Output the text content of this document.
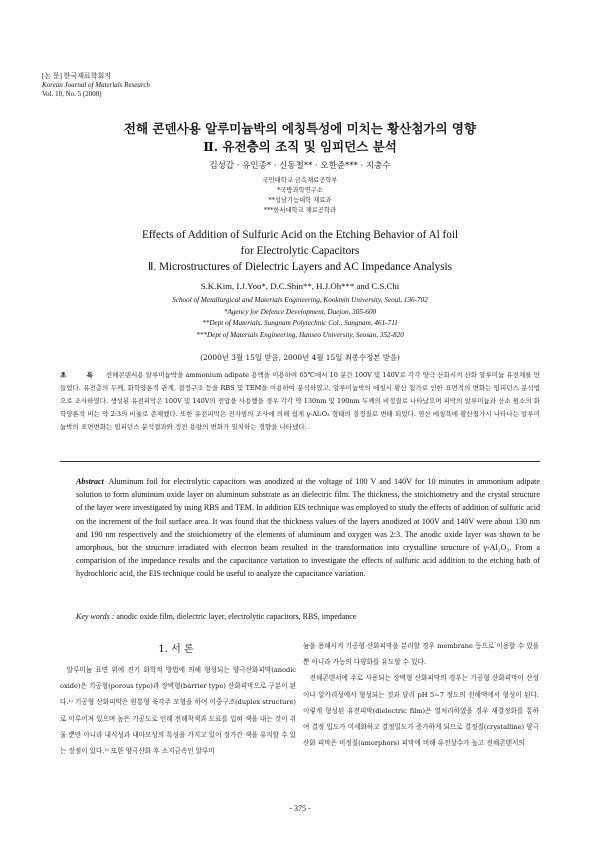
[논 문] 한국재료학회지
Korean Journal of Materials Research
Vol. 10, No. 5 (2000)
전해 콘덴사용 알루미늄박의 에칭특성에 미치는 황산첨가의 영향
Ⅱ. 유전층의 조직 및 임피던스 분석
김성갑 · 유인종* · 신동철** · 오한준*** · 지충수
국민대학교 금속재료공학부
*국방과학연구소
**성남기능대학 재료과
***한서대학교 재료공학과
Effects of Addition of Sulfuric Acid on the Etching Behavior of Al foil
for Electrolytic Capacitors
Ⅱ. Microstructures of Dielectric Layers and AC Impedance Analysis
S.K.Kim, I.J.Yoo*, D.C.Shin**, H.J.Oh*** and C.S.Chi
School of Metallurgical and Materials Engineering, Kookmin University, Seoul, 136-702
*Agency for Defence Development, Daejon, 305-600
**Dept of Materials, Sungnam Polytechnic Col., Sungnam, 461-711
***Dept of Materials Engineering, Hanseo University, Seosan, 352-820
(2000년 3월 15일 받음, 2000년 4월 15일 최종수정본 받음)
초 록 전해콘덴서용 알루미늄박을 ammonium adipate 용액을 이용하여 65℃에서 10 분간 100V 및 140V로 각각 양극 산화시켜 산화 알루미늄 유전체를 만들었다. 유전층의 두께, 화학양론적 관계, 결정구조 등을 RBS 및 TEM을 이용하여 분석하였고, 알루미늄박의 에칭시 황산 첨가로 인한 표면적의 변화는 임피던스 분석법으로 조사하였다. 생성된 유전피막은 100V 및 140V의 전압을 사용했을 경우 각각 약 130nm 및 190nm 두께의 비정질로 나타났으며 피막의 알루미늄과 산소 원소의 화학양론적 비는 약 2:3의 비율로 존재했다. 또한 유전피막은 전자빔의 조사에 의해 쉽게 γ-Al₂O₃ 형태의 결정질로 변태 되었다. 염산 에칭욕에 황산첨가시 나타나는 알루미늄박의 표면변화는 임피던스 분석결과와 정전 용량의 변화가 일치하는 경향을 나타냈다.
Abstract Aluminum foil for electrolytic capacitors was anodized at the voltage of 100 V and 140V for 10 minutes in ammonium adipate solution to form aluminum oxide layer on aluminum substrate as an dielectric film. The thickness, the stoichiometry and the crystal structure of the layer were investigated by using RBS and TEM. In addition EIS technique was employed to study the effects of addition of sulfuric acid on the increment of the foil surface area. It was found that the thickness values of the layers anodized at 100V and 140V were about 130 nm and 190 nm respectively and the stoichiometry of the elements of aluminum and oxygen was 2:3. The anodic oxide layer was shown to be amorphous, but the structure irradiated with electron beam resulted in the transformation into crystalline structure of γ-Al₂O₃. From a comparision of the impedance results and the capacitance variation to investigate the effects of sulfuric acid addition to the etching bath of hydrochloric acid, the EIS technique could be useful to analyze the capacitance variation.
Key words : anodic oxide film, dielectric layer, electrolytic capacitors, RBS, impedance
1. 서 론

알루미늄 표면 위에 전기 화학적 방법에 의해 형성되는 양극산화피막(anodic oxide)은 기공형(porous type)과 장벽형(barrier type) 산화피막으로 구분이 된다.¹⁾ 기공형 산화피막은 원통형 육각주 모형을 하여 이중구조(duplex structure)로 이루어져 있으며 높은 기공도로 인해 전해착색과 도료를 입혀 색을 내는 것이 쉬울 뿐만 아니라 내식성과 내마모성의 특성을 가지고 있어 장가간 색을 유지할 수 있는 장점이 있다.²⁾ 또한 양극산화 후 소지금속인 알루미

늄을 용해시켜 기공형 산화피막을 분리할 경우 membrane 등으로 이용할 수 있을 뿐 아니라 가능의 다양화를 유도할 수 있다.

전해콘덴서에 주로 사용되는 장벽형 산화피막의 경우는 기공형 산화피막이 산성이나 알카리성에서 형성되는 것과 달리 pH 5~7 정도의 전해액에서 형성이 된다. 이렇게 형성된 유전피막(dielectric film)은 열처리하였을 경우 재결정화를 통하여 결정 입도가 미세화하고 결정밀도가 증가하게 되므로 결정질(crystalline) 양극산화 피막은 비정질(amorphors) 피막에 비해 유전상수가 높고 전해콘덴서의

- 375 -
